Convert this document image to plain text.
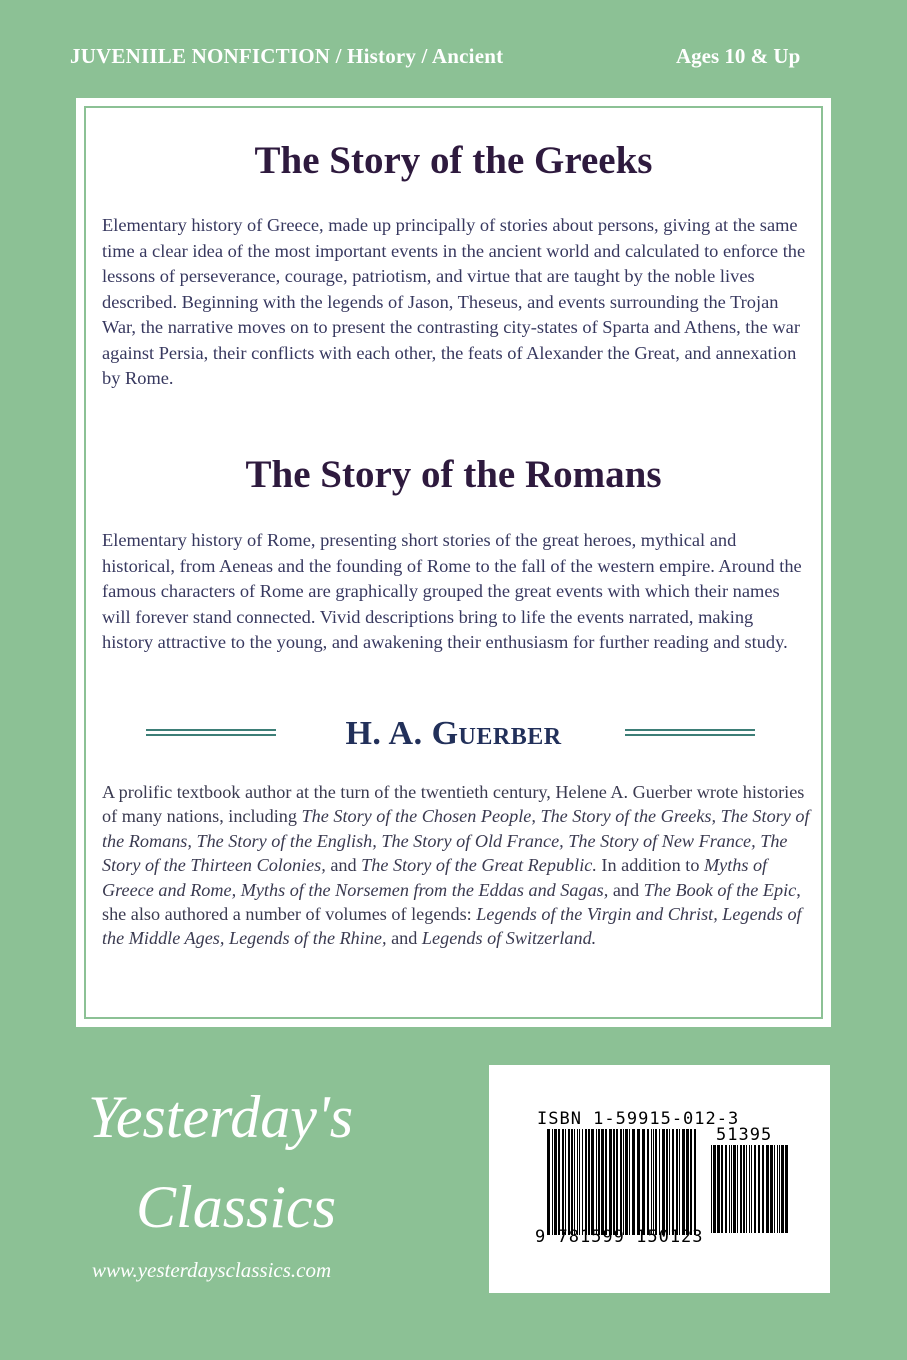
JUVENIILE NONFICTION / History / Ancient	Ages 10 & Up
The Story of the Greeks

Elementary history of Greece, made up principally of stories about persons, giving at the same time a clear idea of the most important events in the ancient world and calculated to enforce the lessons of perseverance, courage, patriotism, and virtue that are taught by the noble lives described. Beginning with the legends of Jason, Theseus, and events surrounding the Trojan War, the narrative moves on to present the contrasting city-states of Sparta and Athens, the war against Persia, their conflicts with each other, the feats of Alexander the Great, and annexation by Rome.

The Story of the Romans

Elementary history of Rome, presenting short stories of the great heroes, mythical and historical, from Aeneas and the founding of Rome to the fall of the western empire. Around the famous characters of Rome are graphically grouped the great events with which their names will forever stand connected. Vivid descriptions bring to life the events narrated, making history attractive to the young, and awakening their enthusiasm for further reading and study.

H. A. Guerber
A prolific textbook author at the turn of the twentieth century, Helene A. Guerber wrote histories of many nations, including The Story of the Chosen People, The Story of the Greeks, The Story of the Romans, The Story of the English, The Story of Old France, The Story of New France, The Story of the Thirteen Colonies, and The Story of the Great Republic. In addition to Myths of Greece and Rome, Myths of the Norsemen from the Eddas and Sagas, and The Book of the Epic, she also authored a number of volumes of legends: Legends of the Virgin and Christ, Legends of the Middle Ages, Legends of the Rhine, and Legends of Switzerland.
Yesterday's
Classics
www.yesterdaysclassics.com
ISBN 1-59915-012-3
51395
9 781599 150123
